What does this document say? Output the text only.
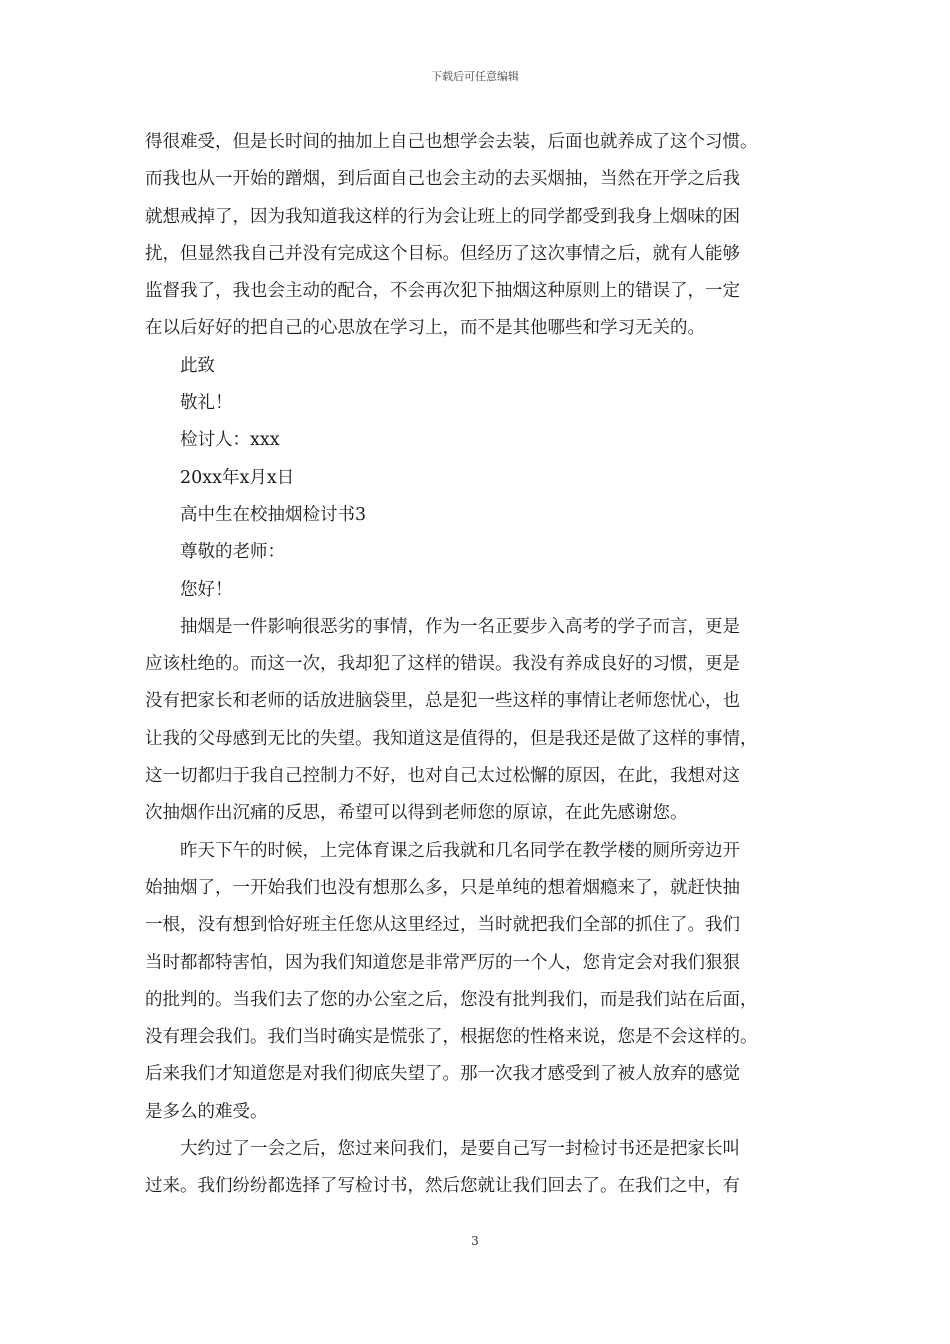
下载后可任意编辑
得很难受，但是长时间的抽加上自己也想学会去装，后面也就养成了这个习惯。
而我也从一开始的蹭烟，到后面自己也会主动的去买烟抽，当然在开学之后我
就想戒掉了，因为我知道我这样的行为会让班上的同学都受到我身上烟味的困
扰，但显然我自己并没有完成这个目标。但经历了这次事情之后，就有人能够
监督我了，我也会主动的配合，不会再次犯下抽烟这种原则上的错误了，一定
在以后好好的把自己的心思放在学习上，而不是其他哪些和学习无关的。
此致
敬礼！
检讨人：xxx
20xx年x月x日
高中生在校抽烟检讨书3
尊敬的老师：
您好！
抽烟是一件影响很恶劣的事情，作为一名正要步入高考的学子而言，更是
应该杜绝的。而这一次，我却犯了这样的错误。我没有养成良好的习惯，更是
没有把家长和老师的话放进脑袋里，总是犯一些这样的事情让老师您忧心，也
让我的父母感到无比的失望。我知道这是值得的，但是我还是做了这样的事情，
这一切都归于我自己控制力不好，也对自己太过松懈的原因，在此，我想对这
次抽烟作出沉痛的反思，希望可以得到老师您的原谅，在此先感谢您。
昨天下午的时候，上完体育课之后我就和几名同学在教学楼的厕所旁边开
始抽烟了，一开始我们也没有想那么多，只是单纯的想着烟瘾来了，就赶快抽
一根，没有想到恰好班主任您从这里经过，当时就把我们全部的抓住了。我们
当时都都特害怕，因为我们知道您是非常严厉的一个人，您肯定会对我们狠狠
的批判的。当我们去了您的办公室之后，您没有批判我们，而是我们站在后面，
没有理会我们。我们当时确实是慌张了，根据您的性格来说，您是不会这样的。
后来我们才知道您是对我们彻底失望了。那一次我才感受到了被人放弃的感觉
是多么的难受。
大约过了一会之后，您过来问我们，是要自己写一封检讨书还是把家长叫
过来。我们纷纷都选择了写检讨书，然后您就让我们回去了。在我们之中，有
3
